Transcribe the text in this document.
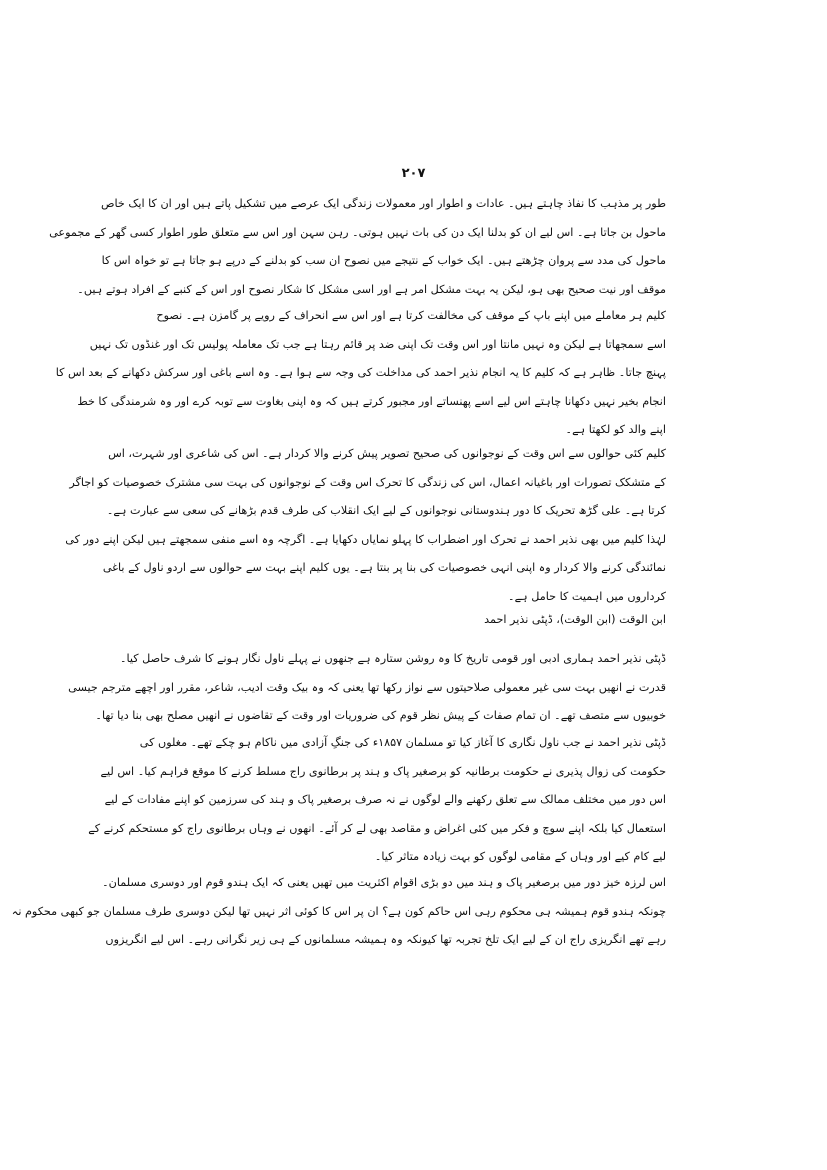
۲۰۷
طور پر مذہب کا نفاذ چاہتے ہیں۔ عادات و اطوار اور معمولات زندگی ایک عرصے میں تشکیل پاتے ہیں اور ان کا ایک خاص
ماحول بن جاتا ہے۔ اس لیے ان کو بدلنا ایک دن کی بات نہیں ہوتی۔ رہن سہن اور اس سے متعلق طور اطوار کسی گھر کے مجموعی
ماحول کی مدد سے پروان چڑھتے ہیں۔ ایک خواب کے نتیجے میں نصوح ان سب کو بدلنے کے درپے ہو جاتا ہے تو خواہ اس کا
موقف اور نیت صحیح بھی ہو، لیکن یہ بہت مشکل امر ہے اور اسی مشکل کا شکار نصوح اور اس کے کنبے کے افراد ہوتے ہیں۔
کلیم ہر معاملے میں اپنے باپ کے موقف کی مخالفت کرتا ہے اور اس سے انحراف کے رویے پر گامزن ہے۔ نصوح
اسے سمجھاتا ہے لیکن وہ نہیں مانتا اور اس وقت تک اپنی ضد پر قائم رہتا ہے جب تک معاملہ پولیس تک اور غنڈوں تک نہیں
پہنچ جاتا۔ ظاہر ہے کہ کلیم کا یہ انجام نذیر احمد کی مداخلت کی وجہ سے ہوا ہے۔ وہ اسے باغی اور سرکش دکھانے کے بعد اس کا
انجام بخیر نہیں دکھانا چاہتے اس لیے اسے پھنساتے اور مجبور کرتے ہیں کہ وہ اپنی بغاوت سے توبہ کرے اور وہ شرمندگی کا خط
اپنے والد کو لکھتا ہے۔
کلیم کئی حوالوں سے اس وقت کے نوجوانوں کی صحیح تصویر پیش کرنے والا کردار ہے۔ اس کی شاعری اور شہرت، اس
کے متشکک تصورات اور باغیانہ اعمال، اس کی زندگی کا تحرک اس وقت کے نوجوانوں کی بہت سی مشترک خصوصیات کو اجاگر
کرتا ہے۔ علی گڑھ تحریک کا دور ہندوستانی نوجوانوں کے لیے ایک انقلاب کی طرف قدم بڑھانے کی سعی سے عبارت ہے۔
لہٰذا کلیم میں بھی نذیر احمد نے تحرک اور اضطراب کا پہلو نمایاں دکھایا ہے۔ اگرچہ وہ اسے منفی سمجھتے ہیں لیکن اپنے دور کی
نمائندگی کرنے والا کردار وہ اپنی انہی خصوصیات کی بنا پر بنتا ہے۔ یوں کلیم اپنے بہت سے حوالوں سے اردو ناول کے باغی
کرداروں میں اہمیت کا حامل ہے۔
ابن الوقت (ابن الوقت)، ڈپٹی نذیر احمد
ڈپٹی نذیر احمد ہماری ادبی اور قومی تاریخ کا وہ روشن ستارہ ہے جنھوں نے پہلے ناول نگار ہونے کا شرف حاصل کیا۔
قدرت نے انھیں بہت سی غیر معمولی صلاحیتوں سے نواز رکھا تھا یعنی کہ وہ بیک وقت ادیب، شاعر، مقرر اور اچھے مترجم جیسی
خوبیوں سے متصف تھے۔ ان تمام صفات کے پیش نظر قوم کی ضروریات اور وقت کے تقاضوں نے انھیں مصلح بھی بنا دیا تھا۔
ڈپٹی نذیر احمد نے جب ناول نگاری کا آغاز کیا تو مسلمان ۱۸۵۷ء کی جنگِ آزادی میں ناکام ہو چکے تھے۔ مغلوں کی
حکومت کی زوال پذیری نے حکومت برطانیہ کو برصغیر پاک و ہند پر برطانوی راج مسلط کرنے کا موقع فراہم کیا۔ اس لیے
اس دور میں مختلف ممالک سے تعلق رکھنے والے لوگوں نے نہ صرف برصغیر پاک و ہند کی سرزمین کو اپنے مفادات کے لیے
استعمال کیا بلکہ اپنے سوچ و فکر میں کئی اغراض و مقاصد بھی لے کر آئے۔ انھوں نے وہاں برطانوی راج کو مستحکم کرنے کے
لیے کام کیے اور وہاں کے مقامی لوگوں کو بہت زیادہ متاثر کیا۔
اس لرزہ خیز دور میں برصغیر پاک و ہند میں دو بڑی اقوام اکثریت میں تھیں یعنی کہ ایک ہندو قوم اور دوسری مسلمان۔
چونکہ ہندو قوم ہمیشہ ہی محکوم رہی اس حاکم کون ہے؟ ان پر اس کا کوئی اثر نہیں تھا لیکن دوسری طرف مسلمان جو کبھی محکوم نہ
رہے تھے انگریزی راج ان کے لیے ایک تلخ تجربہ تھا کیونکہ وہ ہمیشہ مسلمانوں کے ہی زیر نگرانی رہے۔ اس لیے انگریزوں
